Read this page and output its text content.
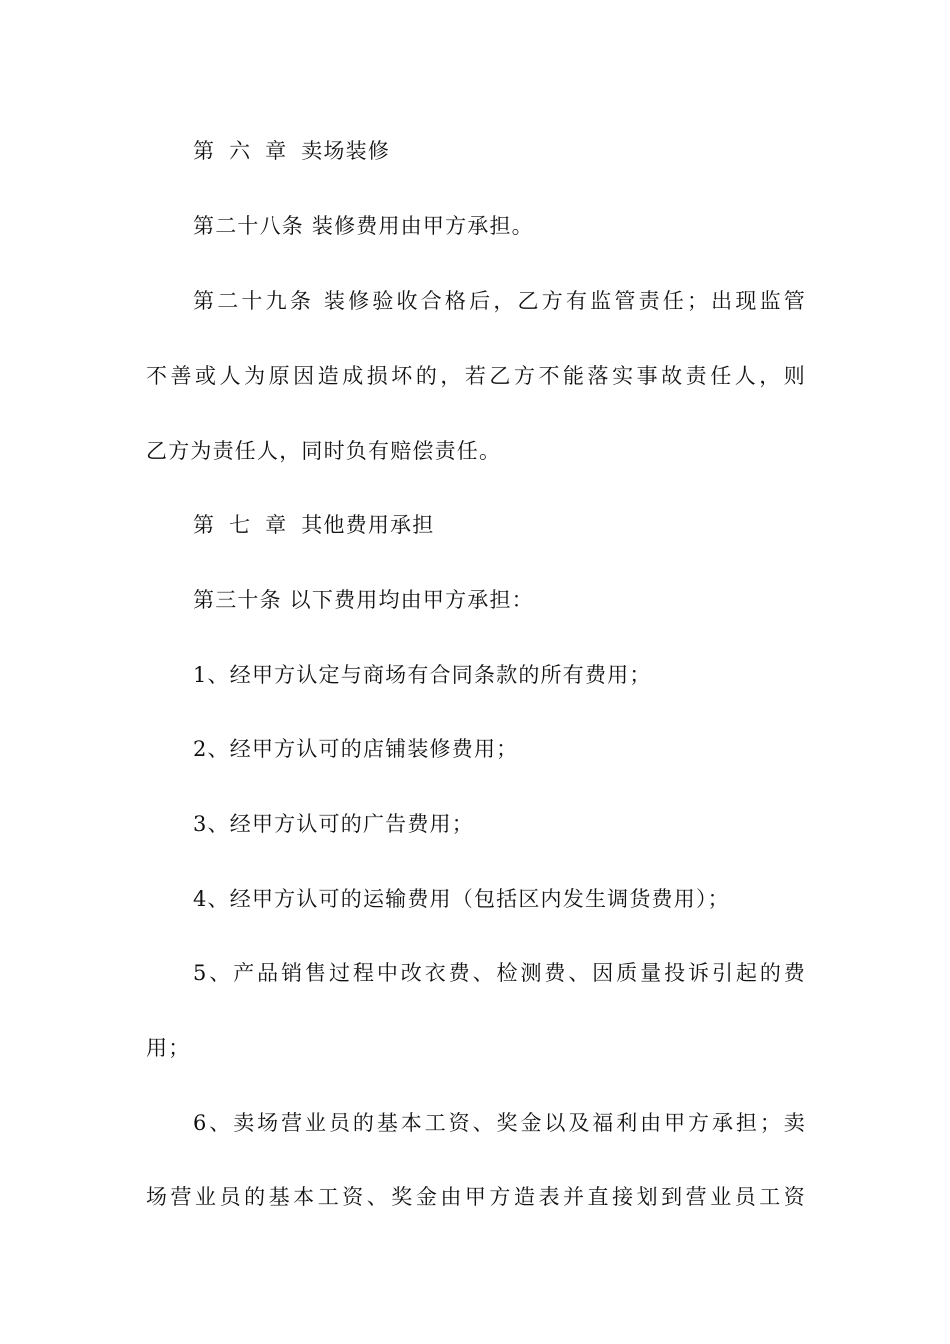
第 六 章 卖场装修
第二十八条 装修费用由甲方承担。
第二十九条 装修验收合格后，乙方有监管责任；出现监管
不善或人为原因造成损坏的，若乙方不能落实事故责任人，则
乙方为责任人，同时负有赔偿责任。
第 七 章 其他费用承担
第三十条 以下费用均由甲方承担：
1、经甲方认定与商场有合同条款的所有费用；
2、经甲方认可的店铺装修费用；
3、经甲方认可的广告费用；
4、经甲方认可的运输费用（包括区内发生调货费用）；
5、产品销售过程中改衣费、检测费、因质量投诉引起的费
用；
6、卖场营业员的基本工资、奖金以及福利由甲方承担；卖
场营业员的基本工资、奖金由甲方造表并直接划到营业员工资
